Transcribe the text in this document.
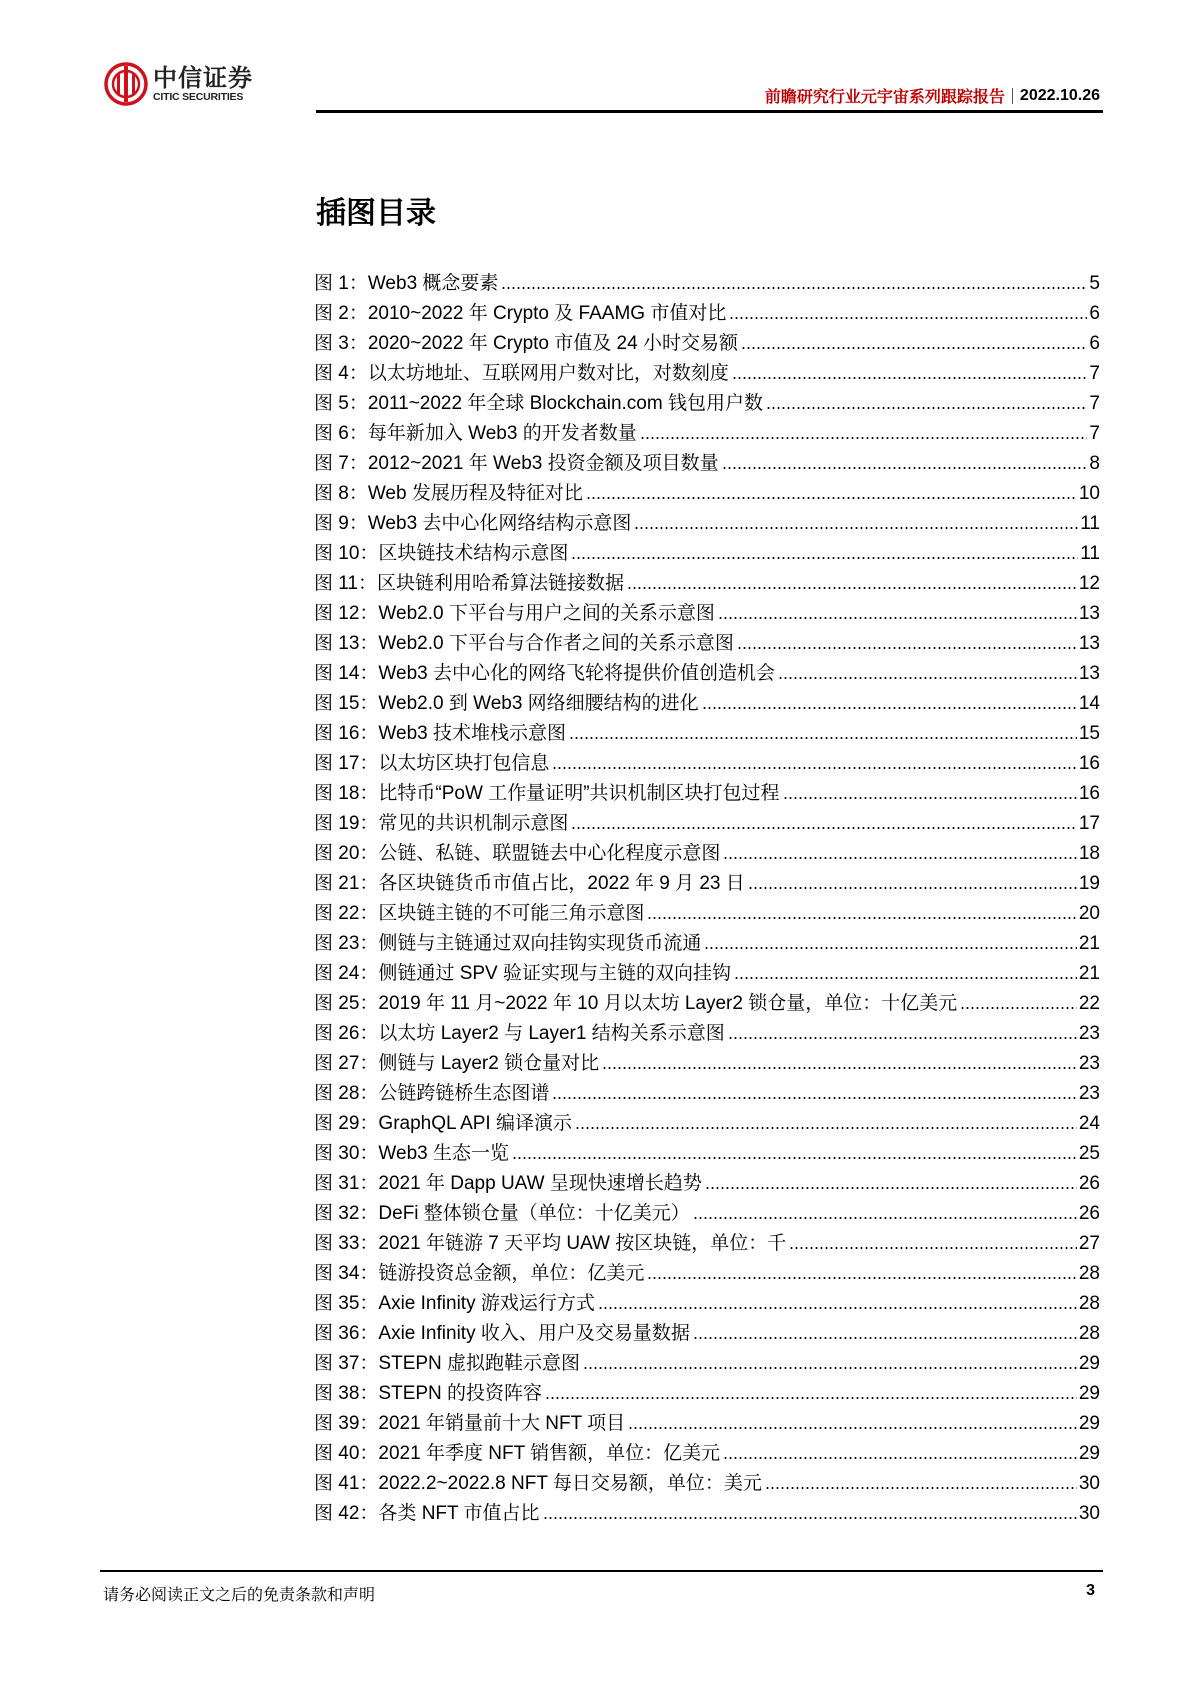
中信证券
CITIC SECURITIES	前瞻研究行业元宇宙系列跟踪报告 2022.10.26
插图目录
图 1：Web3 概念要素	5
图 2：2010~2022 年 Crypto 及 FAAMG 市值对比	6
图 3：2020~2022 年 Crypto 市值及 24 小时交易额	6
图 4：以太坊地址、互联网用户数对比，对数刻度	7
图 5：2011~2022 年全球 Blockchain.com 钱包用户数	7
图 6：每年新加入 Web3 的开发者数量	7
图 7：2012~2021 年 Web3 投资金额及项目数量	8
图 8：Web 发展历程及特征对比	10
图 9：Web3 去中心化网络结构示意图	11
图 10：区块链技术结构示意图	11
图 11：区块链利用哈希算法链接数据	12
图 12：Web2.0 下平台与用户之间的关系示意图	13
图 13：Web2.0 下平台与合作者之间的关系示意图	13
图 14：Web3 去中心化的网络飞轮将提供价值创造机会	13
图 15：Web2.0 到 Web3 网络细腰结构的进化	14
图 16：Web3 技术堆栈示意图	15
图 17：以太坊区块打包信息	16
图 18：比特币“PoW 工作量证明”共识机制区块打包过程	16
图 19：常见的共识机制示意图	17
图 20：公链、私链、联盟链去中心化程度示意图	18
图 21：各区块链货币市值占比，2022 年 9 月 23 日	19
图 22：区块链主链的不可能三角示意图	20
图 23：侧链与主链通过双向挂钩实现货币流通	21
图 24：侧链通过 SPV 验证实现与主链的双向挂钩	21
图 25：2019 年 11 月~2022 年 10 月以太坊 Layer2 锁仓量，单位：十亿美元	22
图 26：以太坊 Layer2 与 Layer1 结构关系示意图	23
图 27：侧链与 Layer2 锁仓量对比	23
图 28：公链跨链桥生态图谱	23
图 29：GraphQL API 编译演示	24
图 30：Web3 生态一览	25
图 31：2021 年 Dapp UAW 呈现快速增长趋势	26
图 32：DeFi 整体锁仓量（单位：十亿美元）	26
图 33：2021 年链游 7 天平均 UAW 按区块链，单位：千	27
图 34：链游投资总金额，单位：亿美元	28
图 35：Axie Infinity 游戏运行方式	28
图 36：Axie Infinity 收入、用户及交易量数据	28
图 37：STEPN 虚拟跑鞋示意图	29
图 38：STEPN 的投资阵容	29
图 39：2021 年销量前十大 NFT 项目	29
图 40：2021 年季度 NFT 销售额，单位：亿美元	29
图 41：2022.2~2022.8 NFT 每日交易额，单位：美元	30
图 42：各类 NFT 市值占比	30
请务必阅读正文之后的免责条款和声明	3
